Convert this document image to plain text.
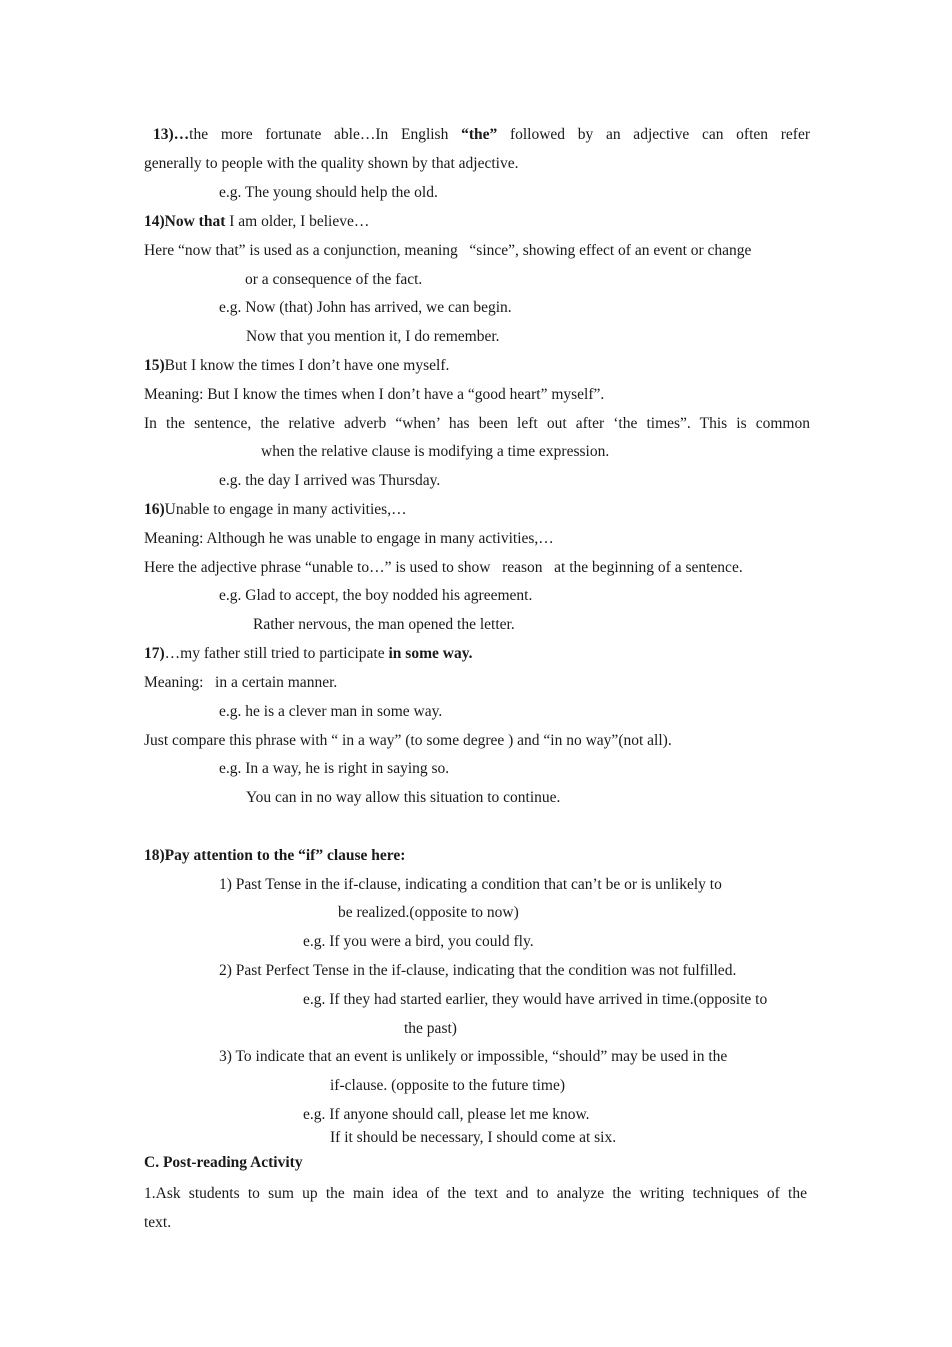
13)…the more fortunate able…In English “the” followed by an adjective can often refer
generally to people with the quality shown by that adjective.
e.g. The young should help the old.
14)Now that I am older, I believe…
Here “now that” is used as a conjunction, meaning   “since”, showing effect of an event or change
or a consequence of the fact.
e.g. Now (that) John has arrived, we can begin.
Now that you mention it, I do remember.
15)But I know the times I don’t have one myself.
Meaning: But I know the times when I don’t have a “good heart” myself”.
In the sentence, the relative adverb “when’ has been left out after ‘the times”. This is common
when the relative clause is modifying a time expression.
e.g. the day I arrived was Thursday.
16)Unable to engage in many activities,…
Meaning: Although he was unable to engage in many activities,…
Here the adjective phrase “unable to…” is used to show   reason   at the beginning of a sentence.
e.g. Glad to accept, the boy nodded his agreement.
Rather nervous, the man opened the letter.
17)…my father still tried to participate in some way.
Meaning:   in a certain manner.
e.g. he is a clever man in some way.
Just compare this phrase with “ in a way” (to some degree ) and “in no way”(not all).
e.g. In a way, he is right in saying so.
You can in no way allow this situation to continue.
18)Pay attention to the “if” clause here:
1) Past Tense in the if-clause, indicating a condition that can’t be or is unlikely to
be realized.(opposite to now)
e.g. If you were a bird, you could fly.
2) Past Perfect Tense in the if-clause, indicating that the condition was not fulfilled.
e.g. If they had started earlier, they would have arrived in time.(opposite to
the past)
3) To indicate that an event is unlikely or impossible, “should” may be used in the
if-clause. (opposite to the future time)
e.g. If anyone should call, please let me know.
If it should be necessary, I should come at six.
C. Post-reading Activity
1.Ask students to sum up the main idea of the text and to analyze the writing techniques of the
text.
